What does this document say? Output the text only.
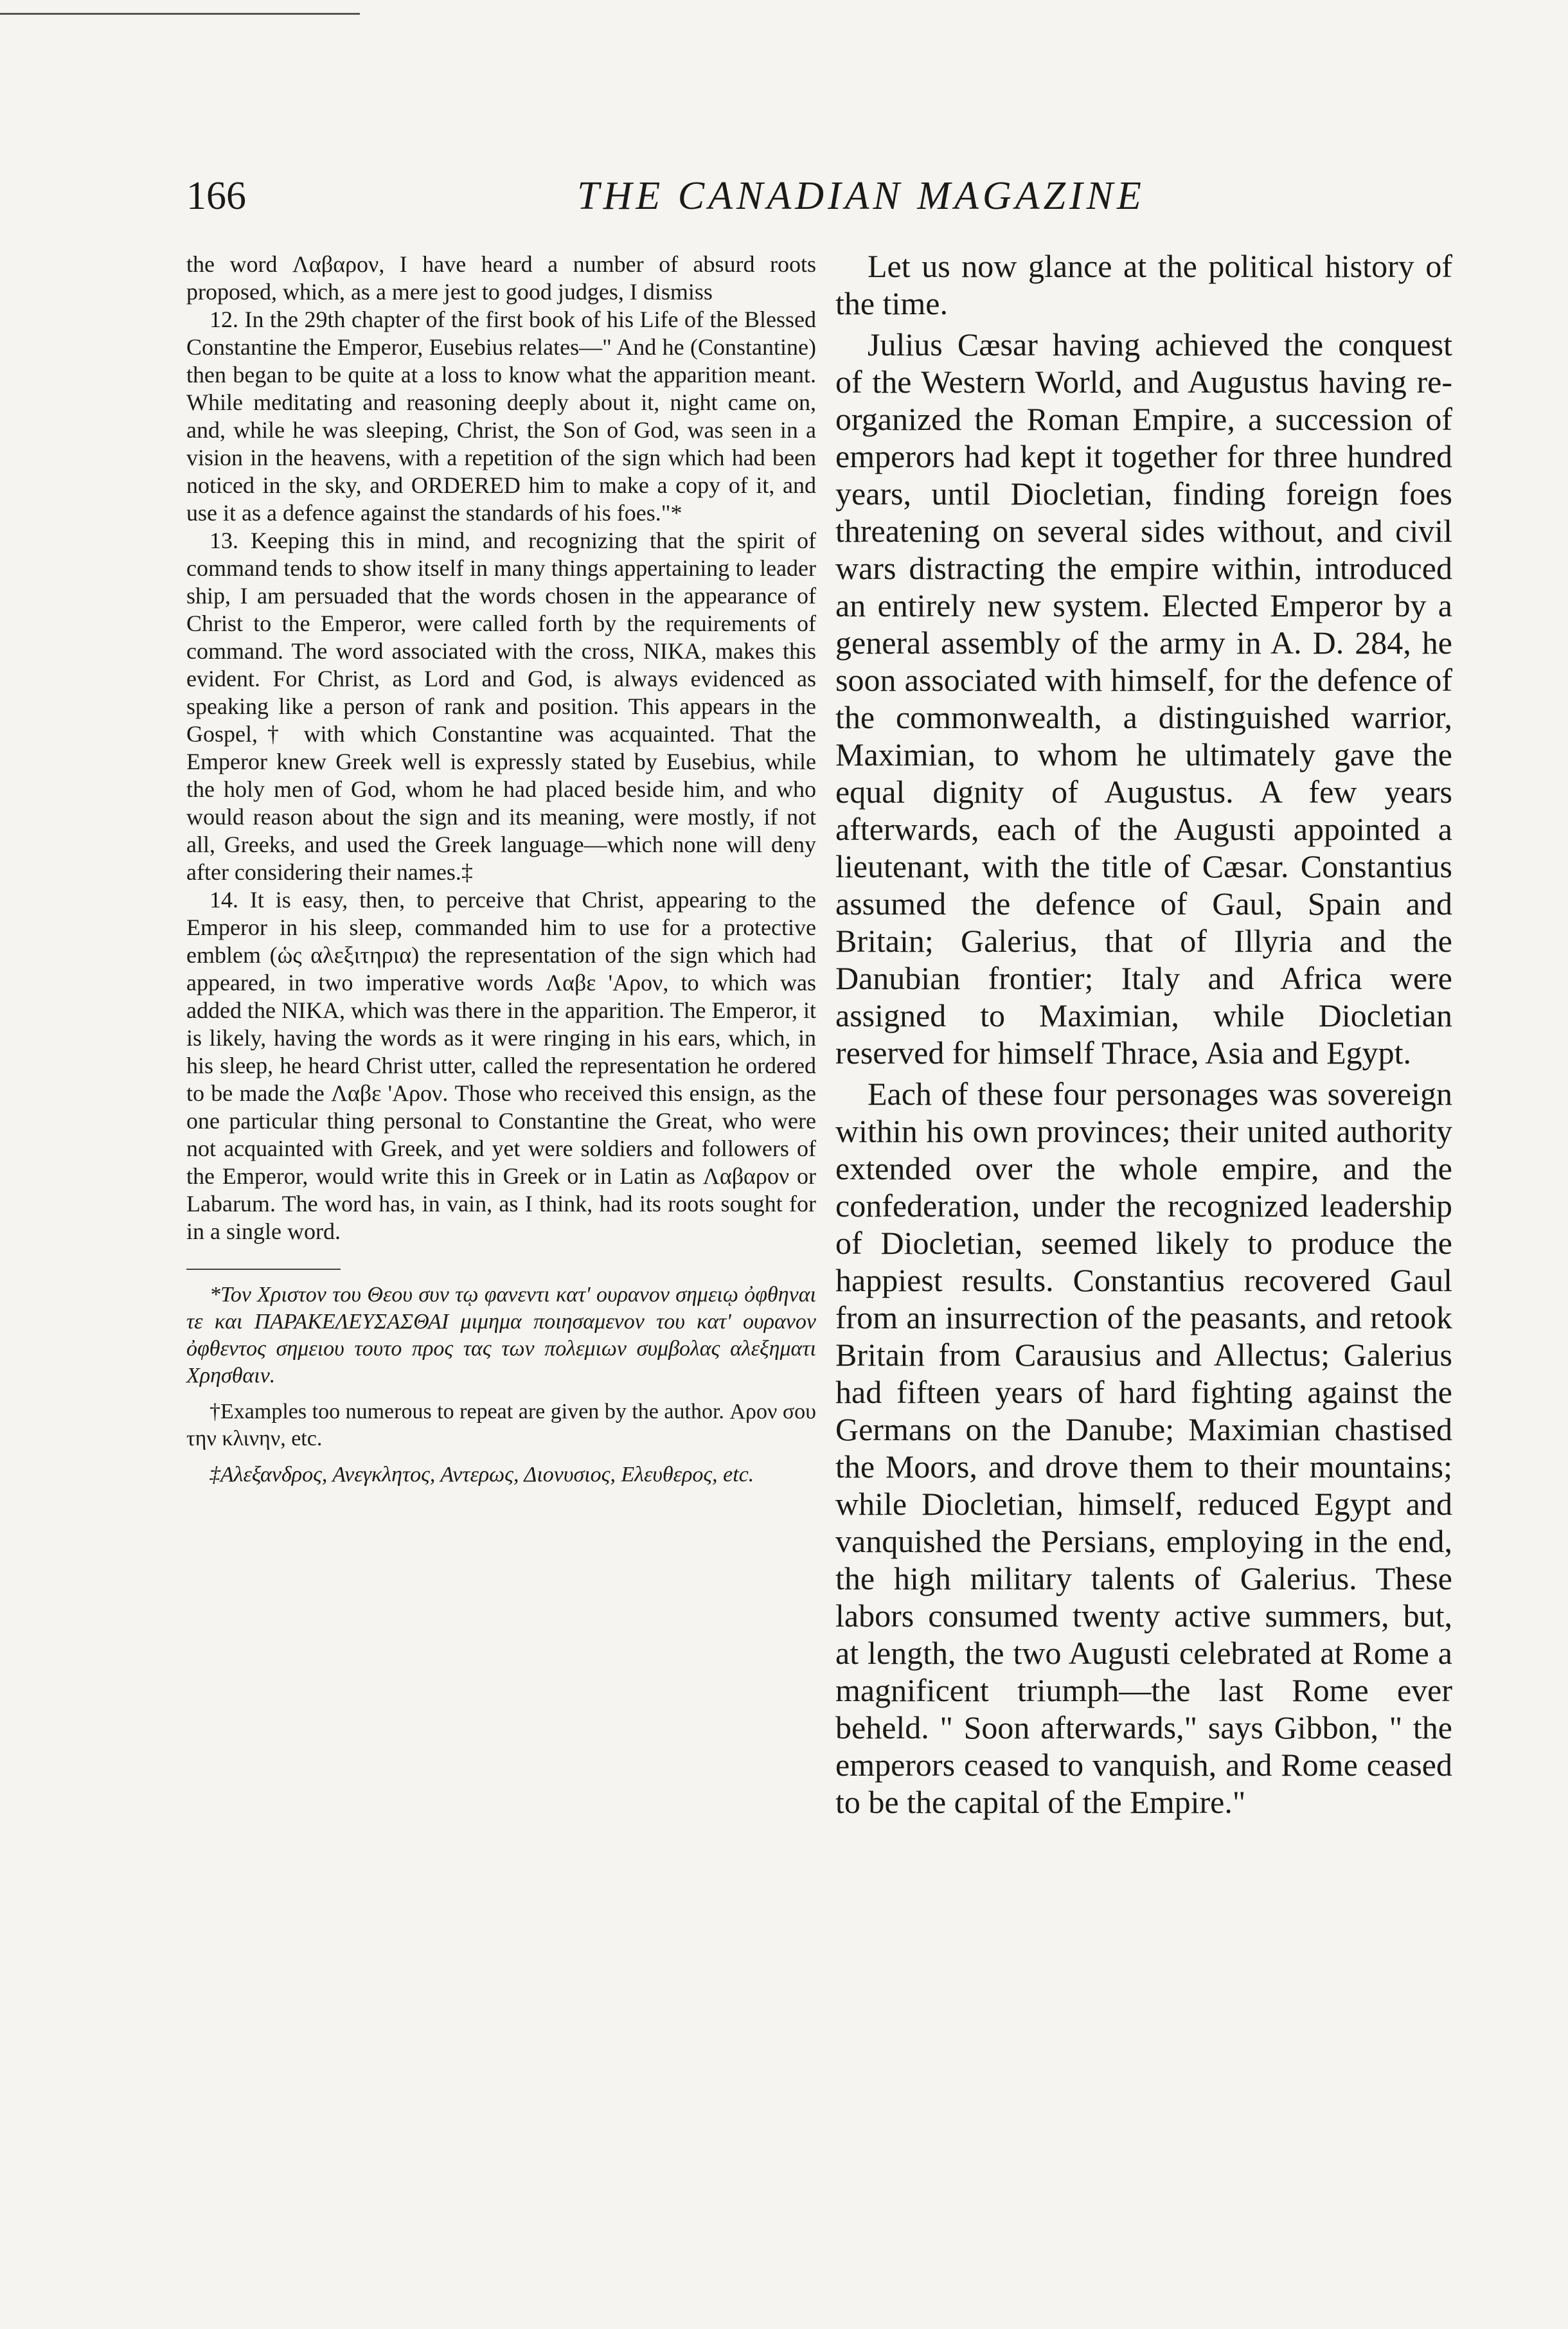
166	THE CANADIAN MAGAZINE

the word Λαβαρον, I have heard a number of absurd roots proposed, which, as a mere jest to good judges, I dismiss

12. In the 29th chapter of the first book of his Life of the Blessed Constantine the Emperor, Eusebius relates—" And he (Constantine) then began to be quite at a loss to know what the apparition meant. While meditating and reasoning deeply about it, night came on, and, while he was sleeping, Christ, the Son of God, was seen in a vision in the heavens, with a repetition of the sign which had been noticed in the sky, and ORDERED him to make a copy of it, and use it as a defence against the standards of his foes."*

13. Keeping this in mind, and recognizing that the spirit of command tends to show itself in many things appertaining to leader ship, I am persuaded that the words chosen in the appearance of Christ to the Emperor, were called forth by the requirements of command. The word associated with the cross, NIKA, makes this evident. For Christ, as Lord and God, is always evidenced as speaking like a person of rank and position. This appears in the Gospel,† with which Constantine was acquainted. That the Emperor knew Greek well is expressly stated by Eusebius, while the holy men of God, whom he had placed beside him, and who would reason about the sign and its meaning, were mostly, if not all, Greeks, and used the Greek language—which none will deny after considering their names.‡

14. It is easy, then, to perceive that Christ, appearing to the Emperor in his sleep, commanded him to use for a protective emblem (ὡς αλεξιτηρια) the representation of the sign which had appeared, in two imperative words Λαβε 'Αρον, to which was added the NIKA, which was there in the apparition. The Emperor, it is likely, having the words as it were ringing in his ears, which, in his sleep, he heard Christ utter, called the representation he ordered to be made the Λαβε 'Αρον. Those who received this ensign, as the one particular thing personal to Constantine the Great, who were not acquainted with Greek, and yet were soldiers and followers of the Emperor, would write this in Greek or in Latin as Λαβαρον or Labarum. The word has, in vain, as I think, had its roots sought for in a single word.

*Τον Χριστον του Θεου συν τῳ φανεντι κατ' ουρανον σημειῳ ὀφθηναι τε και ΠΑΡΑΚΕΛΕΥΣΑΣΘΑΙ μιμημα ποιησαμενον του κατ' ουρανον ὀφθεντος σημειου τουτο προς τας των πολεμιων συμβολας αλεξηματι Χρησθαιν.

†Examples too numerous to repeat are given by the author. Αρον σου την κλινην, etc.

‡Αλεξανδρος, Ανεγκλητος, Αντερως, Διονυσιος, Ελευθερος, etc.

Let us now glance at the political history of the time.

Julius Cæsar having achieved the conquest of the Western World, and Augustus having re-organized the Roman Empire, a succession of emperors had kept it together for three hundred years, until Diocletian, finding foreign foes threatening on several sides without, and civil wars distracting the empire within, introduced an entirely new system. Elected Emperor by a general assembly of the army in A. D. 284, he soon associated with himself, for the defence of the commonwealth, a distinguished warrior, Maximian, to whom he ultimately gave the equal dignity of Augustus. A few years afterwards, each of the Augusti appointed a lieutenant, with the title of Cæsar. Constantius assumed the defence of Gaul, Spain and Britain; Galerius, that of Illyria and the Danubian frontier; Italy and Africa were assigned to Maximian, while Diocletian reserved for himself Thrace, Asia and Egypt.

Each of these four personages was sovereign within his own provinces; their united authority extended over the whole empire, and the confederation, under the recognized leadership of Diocletian, seemed likely to produce the happiest results. Constantius recovered Gaul from an insurrection of the peasants, and retook Britain from Carausius and Allectus; Galerius had fifteen years of hard fighting against the Germans on the Danube; Maximian chastised the Moors, and drove them to their mountains; while Diocletian, himself, reduced Egypt and vanquished the Persians, employing in the end, the high military talents of Galerius. These labors consumed twenty active summers, but, at length, the two Augusti celebrated at Rome a magnificent triumph—the last Rome ever beheld. " Soon afterwards," says Gibbon, " the emperors ceased to vanquish, and Rome ceased to be the capital of the Empire."
